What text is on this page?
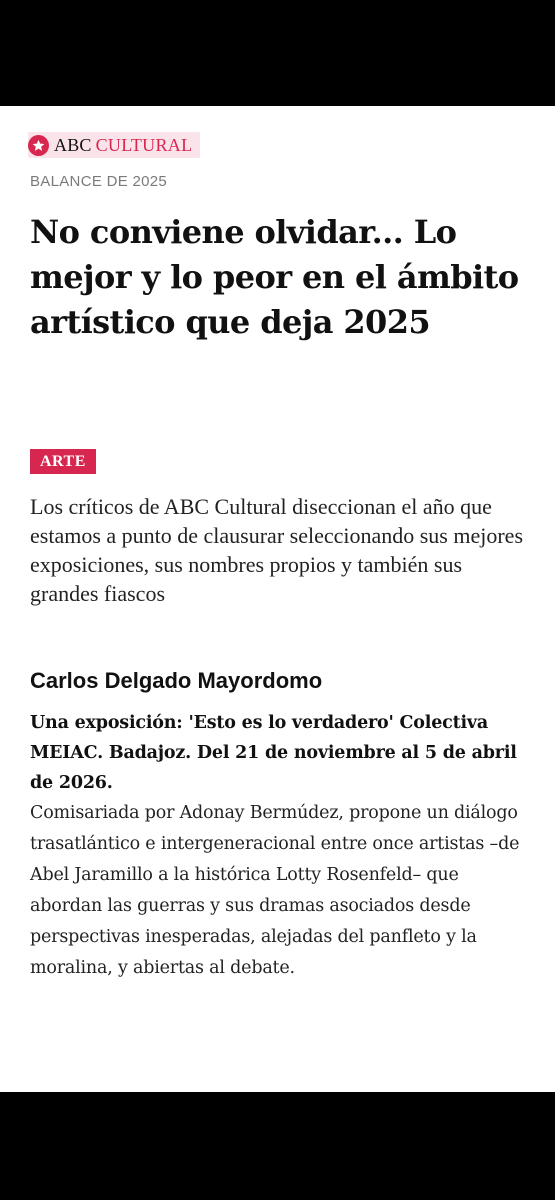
ABC CULTURAL
BALANCE DE 2025
No conviene olvidar... Lo mejor y lo peor en el ámbito artístico que deja 2025
ARTE

Los críticos de ABC Cultural diseccionan el año que estamos a punto de clausurar seleccionando sus mejores exposiciones, sus nombres propios y también sus grandes fiascos

Carlos Delgado Mayordomo

Una exposición: 'Esto es lo verdadero' Colectiva MEIAC. Badajoz. Del 21 de noviembre al 5 de abril de 2026.

Comisariada por Adonay Bermúdez, propone un diálogo trasatlántico e intergeneracional entre once artistas –de Abel Jaramillo a la histórica Lotty Rosenfeld– que abordan las guerras y sus dramas asociados desde perspectivas inesperadas, alejadas del panfleto y la moralina, y abiertas al debate.
